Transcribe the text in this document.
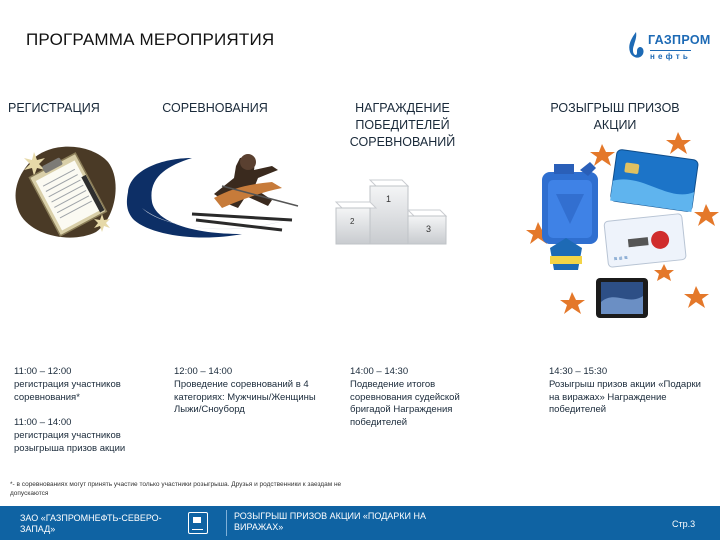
ПРОГРАММА МЕРОПРИЯТИЯ	ГАЗПРОМ
нефть
РЕГИСТРАЦИЯ	СОРЕВНОВАНИЯ	НАГРАЖДЕНИЕ ПОБЕДИТЕЛЕЙ СОРЕВНОВАНИЙ
РОЗЫГРЫШ ПРИЗОВ АКЦИИ
1
2
3
≡ ≡ ≡
11:00 – 12:00
регистрация участников соревнования*
11:00 – 14:00
регистрация участников розыгрыша призов акции
12:00 – 14:00
Проведение соревнований в 4 категориях: Мужчины/Женщины Лыжи/Сноуборд
14:00 – 14:30
Подведение итогов соревнования судейской бригадой Награждения победителей
14:30 – 15:30
Розыгрыш призов акции «Подарки на виражах» Награждение победителей
*- в соревнованиях могут принять участие только участники розыгрыша. Друзья и родственники к заездам не допускаются
ЗАО «ГАЗПРОМНЕФТЬ-СЕВЕРО-ЗАПАД»
РОЗЫГРЫШ ПРИЗОВ АКЦИИ «ПОДАРКИ НА ВИРАЖАХ»	Стр.3
